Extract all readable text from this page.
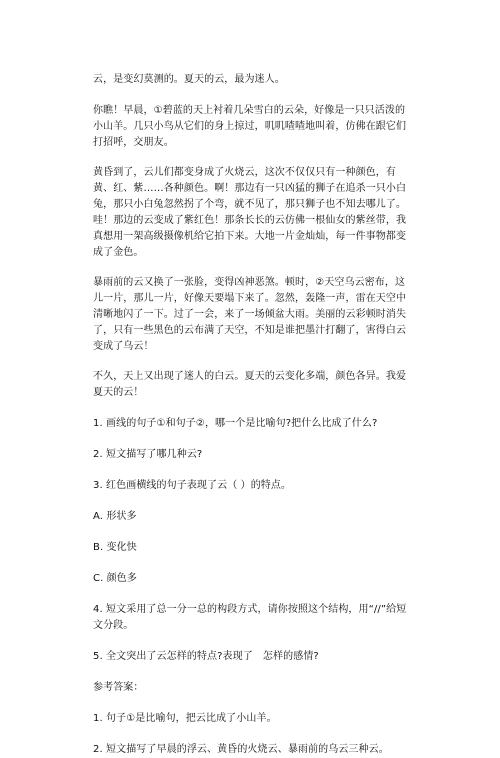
云，是变幻莫测的。夏天的云，最为迷人。

你瞧！早晨，①碧蓝的天上衬着几朵雪白的云朵，好像是一只只活泼的小山羊。几只小鸟从它们的身上掠过，叽叽喳喳地叫着，仿佛在跟它们打招呼，交朋友。

黄昏到了，云儿们都变身成了火烧云，这次不仅仅只有一种颜色，有黄、红、紫……各种颜色。啊！那边有一只凶猛的狮子在追杀一只小白兔，那只小白兔忽然拐了个弯，就不见了，那只狮子也不知去哪儿了。哇！那边的云变成了紫红色！那条长长的云仿佛一根仙女的紫丝带，我真想用一架高级摄像机给它拍下来。大地一片金灿灿，每一件事物都变成了金色。

暴雨前的云又换了一张脸，变得凶神恶煞。顿时，②天空乌云密布，这儿一片，那儿一片，好像天要塌下来了。忽然，轰隆一声，雷在天空中清晰地闪了一下。过了一会，来了一场倾盆大雨。美丽的云彩顿时消失了，只有一些黑色的云布满了天空，不知是谁把墨汁打翻了，害得白云变成了乌云！

不久，天上又出现了迷人的白云。夏天的云变化多端，颜色各异。我爱夏天的云！

1. 画线的句子①和句子②，哪一个是比喻句?把什么比成了什么?

2. 短文描写了哪几种云?

3. 红色画横线的句子表现了云（ ）的特点。

A. 形状多

B. 变化快

C. 颜色多

4. 短文采用了总一分一总的构段方式，请你按照这个结构，用“//”给短文分段。

5. 全文突出了云怎样的特点?表现了　怎样的感情?

参考答案：

1. 句子①是比喻句，把云比成了小山羊。

2. 短文描写了早晨的浮云、黄昏的火烧云、暴雨前的乌云三种云。
